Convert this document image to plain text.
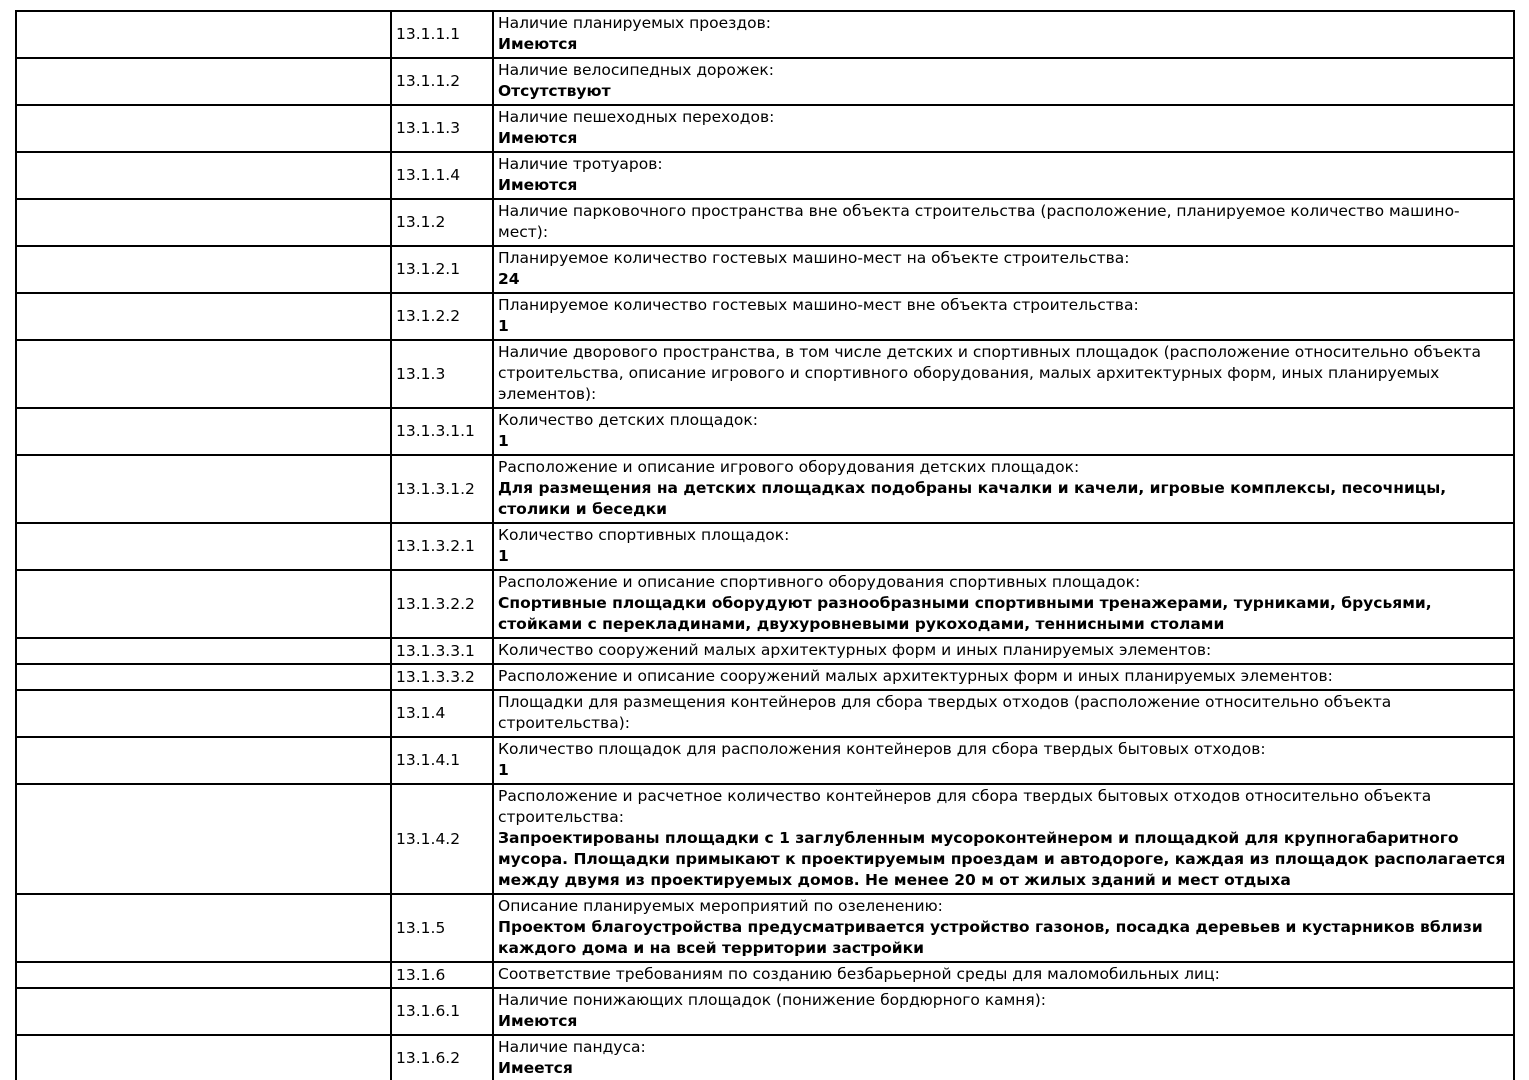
	13.1.1.1	Наличие планируемых проездов:
Имеются

	13.1.1.2	Наличие велосипедных дорожек:
Отсутствуют

	13.1.1.3	Наличие пешеходных переходов:
Имеются

	13.1.1.4	Наличие тротуаров:
Имеются

	13.1.2	Наличие парковочного пространства вне объекта строительства (расположение, планируемое количество машино-мест):

	13.1.2.1	Планируемое количество гостевых машино-мест на объекте строительства:
24

	13.1.2.2	Планируемое количество гостевых машино-мест вне объекта строительства:
1

	13.1.3	Наличие дворового пространства, в том числе детских и спортивных площадок (расположение относительно объекта строительства, описание игрового и спортивного оборудования, малых архитектурных форм, иных планируемых элементов):

	13.1.3.1.1	Количество детских площадок:
1

	13.1.3.1.2	Расположение и описание игрового оборудования детских площадок:
Для размещения на детских площадках подобраны качалки и качели, игровые комплексы, песочницы, столики и беседки

	13.1.3.2.1	Количество спортивных площадок:
1

	13.1.3.2.2	Расположение и описание спортивного оборудования спортивных площадок:
Спортивные площадки оборудуют разнообразными спортивными тренажерами, турниками, брусьями, стойками с перекладинами, двухуровневыми рукоходами, теннисными столами

	13.1.3.3.1	Количество сооружений малых архитектурных форм и иных планируемых элементов:

	13.1.3.3.2	Расположение и описание сооружений малых архитектурных форм и иных планируемых элементов:

	13.1.4	Площадки для размещения контейнеров для сбора твердых отходов (расположение относительно объекта строительства):

	13.1.4.1	Количество площадок для расположения контейнеров для сбора твердых бытовых отходов:
1

	13.1.4.2	Расположение и расчетное количество контейнеров для сбора твердых бытовых отходов относительно объекта строительства:
Запроектированы площадки с 1 заглубленным мусороконтейнером и площадкой для крупногабаритного мусора. Площадки примыкают к проектируемым проездам и автодороге, каждая из площадок располагается между двумя из проектируемых домов. Не менее 20 м от жилых зданий и мест отдыха

	13.1.5	Описание планируемых мероприятий по озеленению:
Проектом благоустройства предусматривается устройство газонов, посадка деревьев и кустарников вблизи каждого дома и на всей территории застройки

	13.1.6	Соответствие требованиям по созданию безбарьерной среды для маломобильных лиц:

	13.1.6.1	Наличие понижающих площадок (понижение бордюрного камня):
Имеются

	13.1.6.2	Наличие пандуса:
Имеется
